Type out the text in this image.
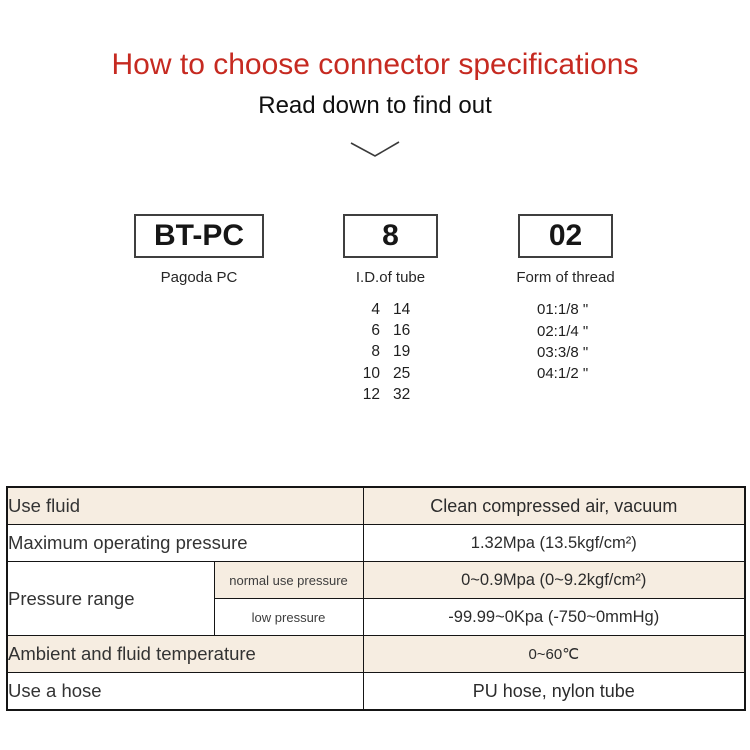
How to choose connector specifications
Read down to find out
BT-PC
Pagoda PC
8
I.D.of tube
02
Form of thread
4 14
6 16
8 19
10 25
12 32
01:1/8 "
02:1/4 "
03:3/8 "
04:1/2 "
Use fluid		Clean compressed air, vacuum
Maximum operating pressure		1.32Mpa (13.5kgf/cm²)
Pressure range	normal use pressure	0~0.9Mpa (0~9.2kgf/cm²)
	low pressure	-99.99~0Kpa (-750~0mmHg)
Ambient and fluid temperature		0~60℃
Use a hose		PU hose, nylon tube
